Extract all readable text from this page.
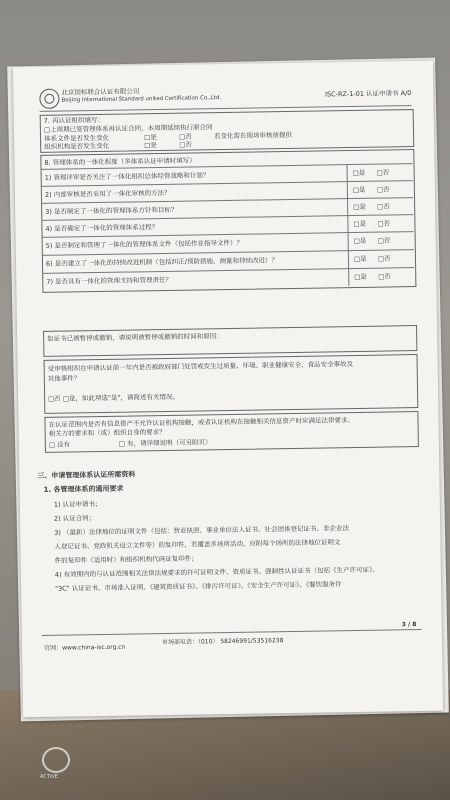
北京国标联合认证有限公司
Beijing International Standard united Certification Co.,Ltd.
ISC-RZ-1-01 认证申请书 A/0
7. 再认证组织填写：
□上周期已签管理体系再认证合同，本周期延续执行原合同
体系文件是否发生变化	□是	□否	若变化需在现场审核前提供
组织机构是否发生变化	□是	□否
8. 管理体系的一体化程度（多体系认证申请时填写）
1) 管理评审是否关注了一体化组织总体经营战略和计划？	□是 □否
2) 内部审核是否采用了一体化审核的方法？	□是 □否
3) 是否制定了一体化的管理体系方针和目标？	□是 □否
4) 是否确定了一体化的管理体系过程？	□是 □否
5) 是否制定和管理了一体化的管理体系文件（包括作业指导文件）？	□是 □否
6) 是否建立了一体化的持续改进机制（包括纠正/预防措施、测量和持续改进）？	□是 □否
7) 是否具有一体化的管理支持和管理责任？	□是 □否
如证书已被暂停或撤销，请说明被暂停或撤销的时间和原因：
受审核组织在申请认证前一年内是否被政府部门处罚或发生过质量、环境、职业健康安全、食品安全事故及
其他事件？
□否 □是，如此项选"是"，请简述有关情况。
在认证范围内是否有信息资产不允许认证机构接触，或者认证机构在接触相关信息资产时应满足法律要求、
相关方的要求和（或）组织自身的要求？
□ 没有	□ 有，请详细说明（可另附页）
三、申请管理体系认证所需资料
1. 各管理体系的通用要求
1) 认证申请书；
2) 认证合同；
3) （最新）法律地位的证明文件（包括：营业执照、事业单位法人证书、社会团体登记证书、非企业法
人登记证书、党政机关设立文件等）的复印件，若覆盖多场所活动，应附每个场所的法律地位证明文
件的复印件（适用时）和组织机构代码证复印件；
4) 有效期内的与认证范围相关法律法规要求的许可证明文件、资质证书、强制性认证证书（包括《生产许可证》、
"3C" 认证证书、市场准入证明、《建筑资质证书》、《排污许可证》、《安全生产许可证》、《餐饮服务许
官网：www.china-isc.org.cn
市场部电话：（010） 58246991/53516238
3 / 8
ACTIVE
